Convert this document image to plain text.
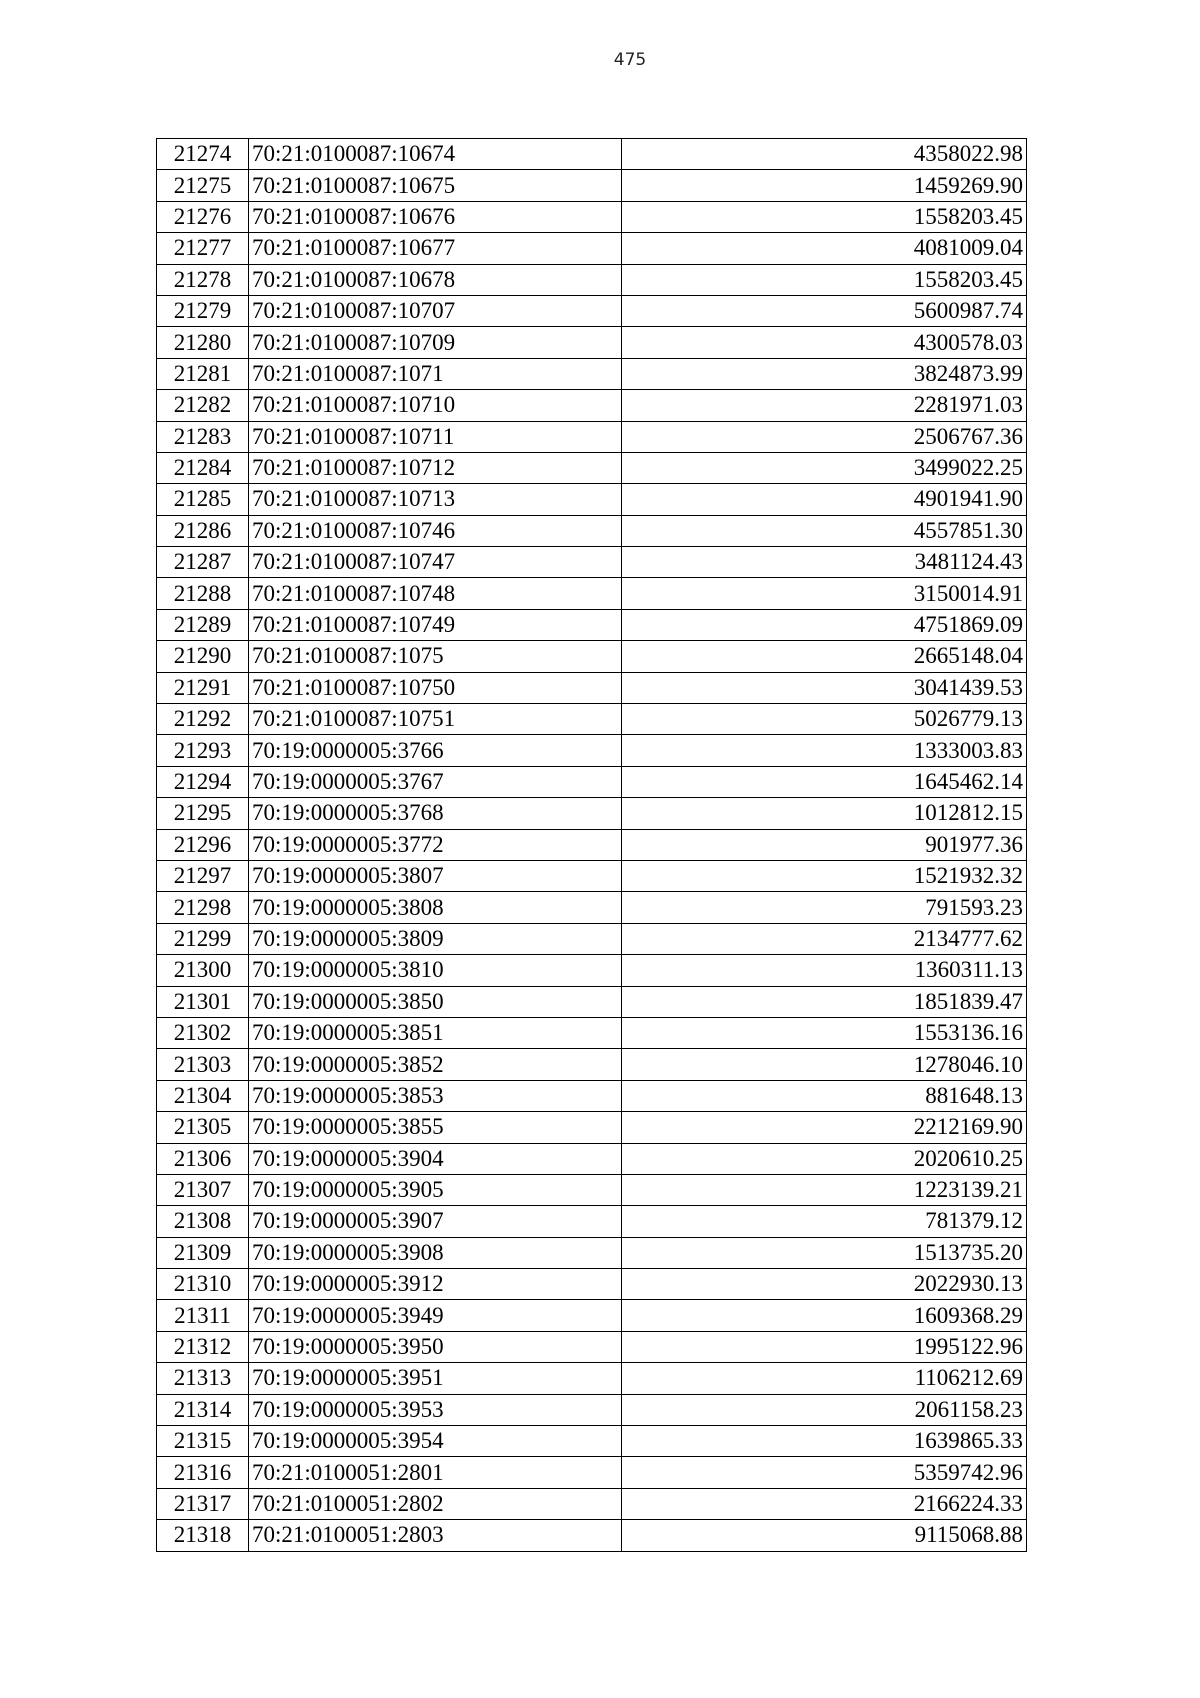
475
21274	70:21:0100087:10674	4358022.98
21275	70:21:0100087:10675	1459269.90
21276	70:21:0100087:10676	1558203.45
21277	70:21:0100087:10677	4081009.04
21278	70:21:0100087:10678	1558203.45
21279	70:21:0100087:10707	5600987.74
21280	70:21:0100087:10709	4300578.03
21281	70:21:0100087:1071	3824873.99
21282	70:21:0100087:10710	2281971.03
21283	70:21:0100087:10711	2506767.36
21284	70:21:0100087:10712	3499022.25
21285	70:21:0100087:10713	4901941.90
21286	70:21:0100087:10746	4557851.30
21287	70:21:0100087:10747	3481124.43
21288	70:21:0100087:10748	3150014.91
21289	70:21:0100087:10749	4751869.09
21290	70:21:0100087:1075	2665148.04
21291	70:21:0100087:10750	3041439.53
21292	70:21:0100087:10751	5026779.13
21293	70:19:0000005:3766	1333003.83
21294	70:19:0000005:3767	1645462.14
21295	70:19:0000005:3768	1012812.15
21296	70:19:0000005:3772	901977.36
21297	70:19:0000005:3807	1521932.32
21298	70:19:0000005:3808	791593.23
21299	70:19:0000005:3809	2134777.62
21300	70:19:0000005:3810	1360311.13
21301	70:19:0000005:3850	1851839.47
21302	70:19:0000005:3851	1553136.16
21303	70:19:0000005:3852	1278046.10
21304	70:19:0000005:3853	881648.13
21305	70:19:0000005:3855	2212169.90
21306	70:19:0000005:3904	2020610.25
21307	70:19:0000005:3905	1223139.21
21308	70:19:0000005:3907	781379.12
21309	70:19:0000005:3908	1513735.20
21310	70:19:0000005:3912	2022930.13
21311	70:19:0000005:3949	1609368.29
21312	70:19:0000005:3950	1995122.96
21313	70:19:0000005:3951	1106212.69
21314	70:19:0000005:3953	2061158.23
21315	70:19:0000005:3954	1639865.33
21316	70:21:0100051:2801	5359742.96
21317	70:21:0100051:2802	2166224.33
21318	70:21:0100051:2803	9115068.88
